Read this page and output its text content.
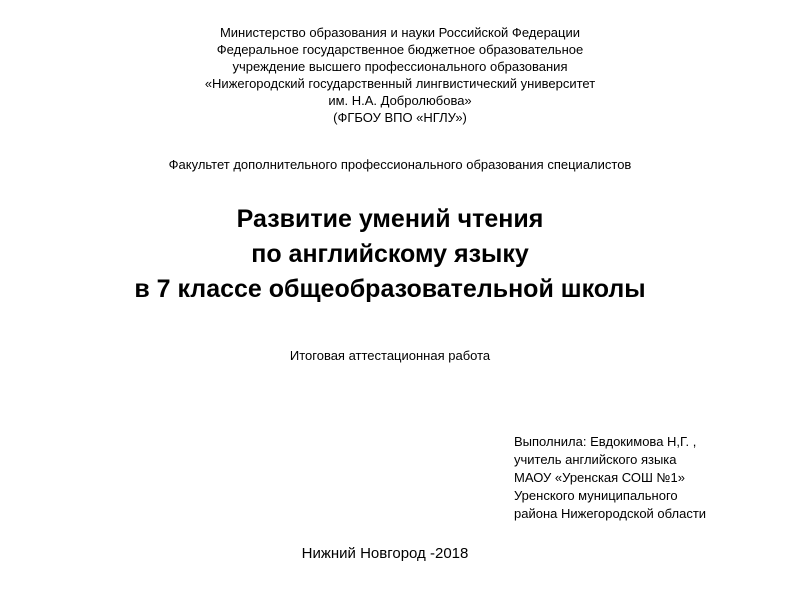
Министерство образования и науки Российской Федерации
Федеральное государственное бюджетное образовательное
учреждение высшего профессионального образования
«Нижегородский государственный лингвистический университет
им. Н.А. Добролюбова»
(ФГБОУ ВПО «НГЛУ»)
Факультет дополнительного профессионального образования специалистов
Развитие умений чтения
по английскому языку
в 7 классе общеобразовательной школы
Итоговая аттестационная работа
Выполнила: Евдокимова Н,Г. ,
учитель английского языка
МАОУ «Уренская СОШ №1»
Уренского муниципального
района Нижегородской области
Нижний Новгород -2018
